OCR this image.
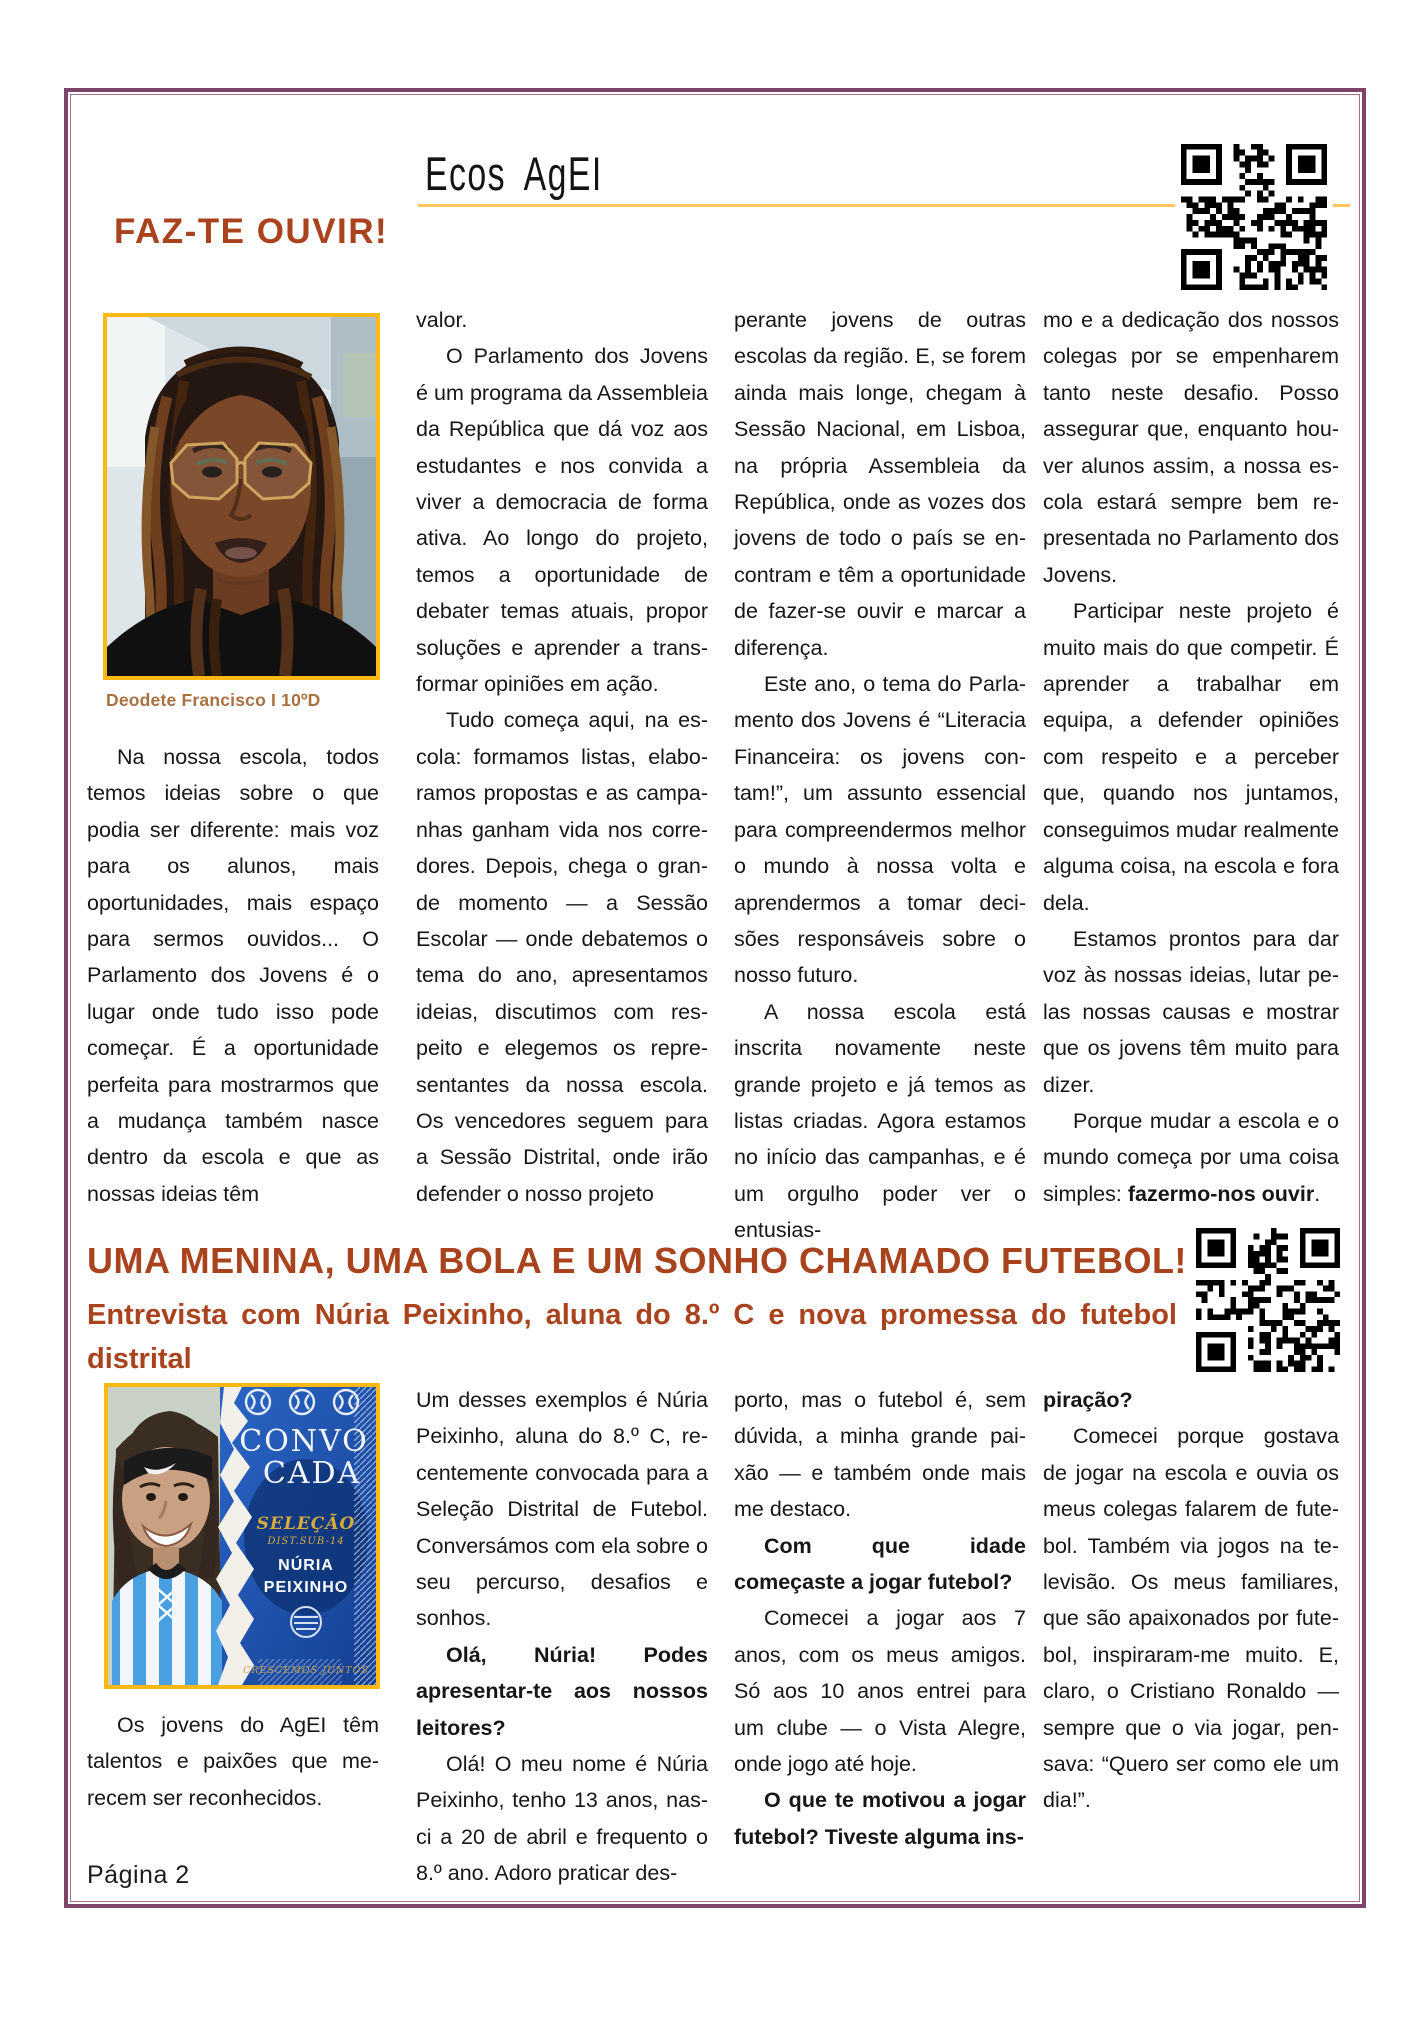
Ecos AgEI
FAZ-TE OUVIR!
Deodete Francisco I 10ºD

Na nossa escola, todos temos ideias sobre o que podia ser diferente: mais voz para os alunos, mais oportunidades, mais espaço para sermos ouvidos... O Parlamento dos Jovens é o lugar onde tudo isso pode começar. É a oportunidade perfeita para mostrarmos que a mudança também nasce dentro da escola e que as nossas ideias têm

valor.

O Parlamento dos Jovens é um programa da Assembleia da República que dá voz aos estudantes e nos convida a viver a democracia de forma ativa. Ao longo do projeto, temos a oportunidade de debater temas atuais, propor soluções e aprender a transformar opiniões em ação.

Tudo começa aqui, na escola: formamos listas, elaboramos propostas e as campanhas ganham vida nos corredores. Depois, chega o grande momento — a Sessão Escolar — onde debatemos o tema do ano, apresentamos ideias, discutimos com respeito e elegemos os representantes da nossa escola. Os vencedores seguem para a Sessão Distrital, onde irão defender o nosso projeto

perante jovens de outras escolas da região. E, se forem ainda mais longe, chegam à Sessão Nacional, em Lisboa, na própria Assembleia da República, onde as vozes dos jovens de todo o país se encontram e têm a oportunidade de fazer-se ouvir e marcar a diferença.

Este ano, o tema do Parlamento dos Jovens é “Literacia Financeira: os jovens contam!”, um assunto essencial para compreendermos melhor o mundo à nossa volta e aprendermos a tomar decisões responsáveis sobre o nosso futuro.

A nossa escola está inscrita novamente neste grande projeto e já temos as listas criadas. Agora estamos no início das campanhas, e é um orgulho poder ver o entusias-

mo e a dedicação dos nossos colegas por se empenharem tanto neste desafio. Posso assegurar que, enquanto houver alunos assim, a nossa escola estará sempre bem representada no Parlamento dos Jovens.

Participar neste projeto é muito mais do que competir. É aprender a trabalhar em equipa, a defender opiniões com respeito e a perceber que, quando nos juntamos, conseguimos mudar realmente alguma coisa, na escola e fora dela.

Estamos prontos para dar voz às nossas ideias, lutar pelas nossas causas e mostrar que os jovens têm muito para dizer.

Porque mudar a escola e o mundo começa por uma coisa simples: fazermo-nos ouvir.

UMA MENINA, UMA BOLA E UM SONHO CHAMADO FUTEBOL!
Entrevista com Núria Peixinho, aluna do 8.º C e nova promessa do futebol distrital
CONVO
CADA
SELEÇÃO
DIST.SUB-14
NÚRIA
PEIXINHO
CRESCEMOS JUNTOS

Os jovens do AgEI têm talentos e paixões que merecem ser reconhecidos.

Um desses exemplos é Núria Peixinho, aluna do 8.º C, recentemente convocada para a Seleção Distrital de Futebol. Conversámos com ela sobre o seu percurso, desafios e sonhos.

Olá, Núria! Podes apresentar-te aos nossos leitores?

Olá! O meu nome é Núria Peixinho, tenho 13 anos, nasci a 20 de abril e frequento o 8.º ano. Adoro praticar des-

porto, mas o futebol é, sem dúvida, a minha grande paixão — e também onde mais me destaco.

Com que idade começaste a jogar futebol?

Comecei a jogar aos 7 anos, com os meus amigos. Só aos 10 anos entrei para um clube — o Vista Alegre, onde jogo até hoje.

O que te motivou a jogar futebol? Tiveste alguma ins-

piração?

Comecei porque gostava de jogar na escola e ouvia os meus colegas falarem de futebol. Também via jogos na televisão. Os meus familiares, que são apaixonados por futebol, inspiraram-me muito. E, claro, o Cristiano Ronaldo — sempre que o via jogar, pensava: “Quero ser como ele um dia!”.

Página 2
